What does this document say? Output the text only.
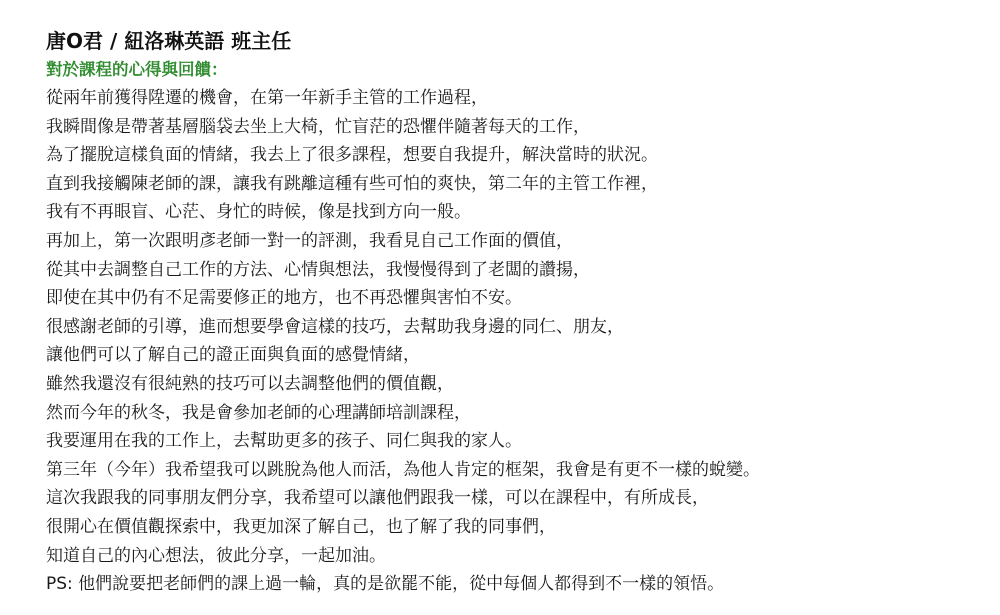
唐O君 / 紐洛琳英語 班主任
對於課程的心得與回饋：
從兩年前獲得陞遷的機會，在第一年新手主管的工作過程，
我瞬間像是帶著基層腦袋去坐上大椅，忙盲茫的恐懼伴隨著每天的工作，
為了擺脫這樣負面的情緒，我去上了很多課程，想要自我提升，解決當時的狀況。
直到我接觸陳老師的課，讓我有跳離這種有些可怕的爽快，第二年的主管工作裡，
我有不再眼盲、心茫、身忙的時候，像是找到方向一般。
再加上，第一次跟明彥老師一對一的評測，我看見自己工作面的價值，
從其中去調整自己工作的方法、心情與想法，我慢慢得到了老闆的讚揚，
即使在其中仍有不足需要修正的地方，也不再恐懼與害怕不安。
很感謝老師的引導，進而想要學會這樣的技巧，去幫助我身邊的同仁、朋友，
讓他們可以了解自己的證正面與負面的感覺情緒，
雖然我還沒有很純熟的技巧可以去調整他們的價值觀，
然而今年的秋冬，我是會參加老師的心理講師培訓課程，
我要運用在我的工作上，去幫助更多的孩子、同仁與我的家人。
第三年（今年）我希望我可以跳脫為他人而活，為他人肯定的框架，我會是有更不一樣的蛻變。
這次我跟我的同事朋友們分享，我希望可以讓他們跟我一樣，可以在課程中，有所成長，
很開心在價值觀探索中，我更加深了解自己，也了解了我的同事們，
知道自己的內心想法，彼此分享，一起加油。
PS: 他們說要把老師們的課上過一輪，真的是欲罷不能，從中每個人都得到不一樣的領悟。
